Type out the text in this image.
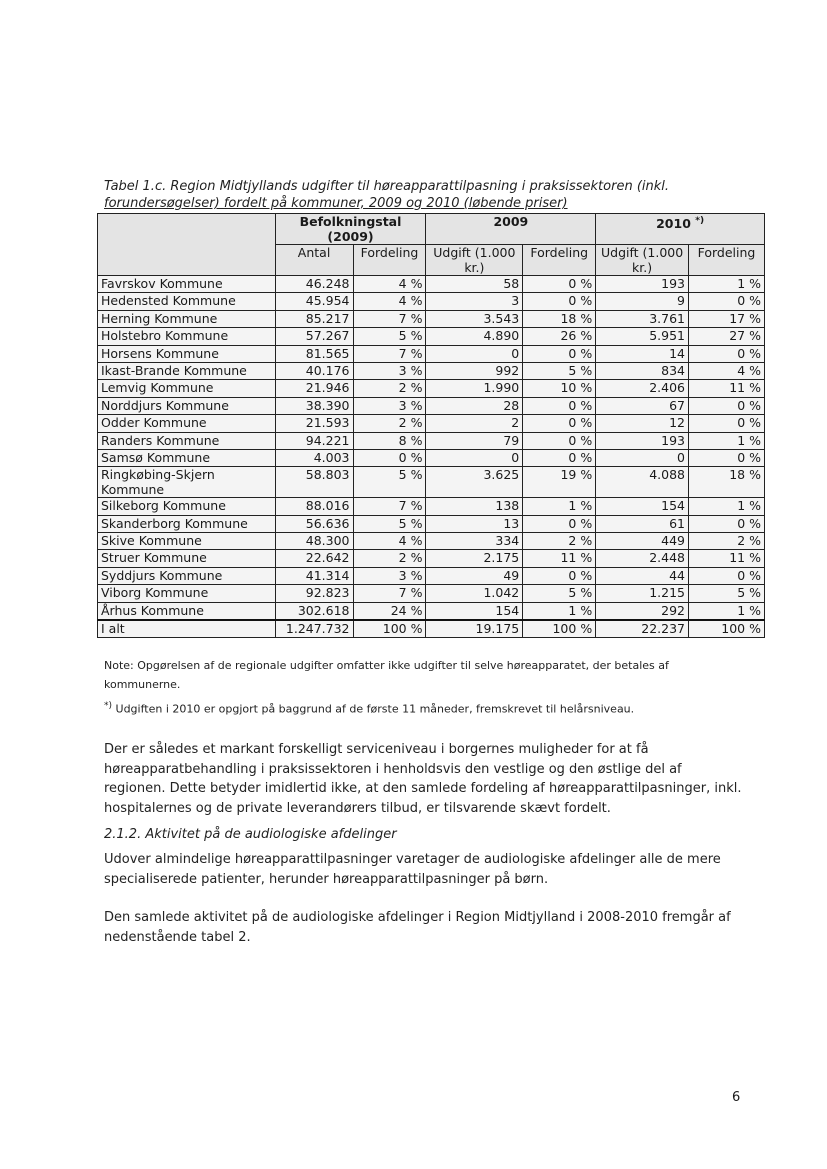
Tabel 1.c. Region Midtjyllands udgifter til høreapparattilpasning i praksissektoren (inkl.
forundersøgelser) fordelt på kommuner, 2009 og 2010 (løbende priser)
	Befolkningstal (2009)		2009		2010 *)
	Antal	Fordeling	Udgift (1.000 kr.)	Fordeling	Udgift (1.000 kr.)	Fordeling
Favrskov Kommune	46.248	4 %	58	0 %	193	1 %
Hedensted Kommune	45.954	4 %	3	0 %	9	0 %
Herning Kommune	85.217	7 %	3.543	18 %	3.761	17 %
Holstebro Kommune	57.267	5 %	4.890	26 %	5.951	27 %
Horsens Kommune	81.565	7 %	0	0 %	14	0 %
Ikast-Brande Kommune	40.176	3 %	992	5 %	834	4 %
Lemvig Kommune	21.946	2 %	1.990	10 %	2.406	11 %
Norddjurs Kommune	38.390	3 %	28	0 %	67	0 %
Odder Kommune	21.593	2 %	2	0 %	12	0 %
Randers Kommune	94.221	8 %	79	0 %	193	1 %
Samsø Kommune	4.003	0 %	0	0 %	0	0 %
Ringkøbing-Skjern Kommune	58.803	5 %	3.625	19 %	4.088	18 %
Silkeborg Kommune	88.016	7 %	138	1 %	154	1 %
Skanderborg Kommune	56.636	5 %	13	0 %	61	0 %
Skive Kommune	48.300	4 %	334	2 %	449	2 %
Struer Kommune	22.642	2 %	2.175	11 %	2.448	11 %
Syddjurs Kommune	41.314	3 %	49	0 %	44	0 %
Viborg Kommune	92.823	7 %	1.042	5 %	1.215	5 %
Århus Kommune	302.618	24 %	154	1 %	292	1 %
I alt	1.247.732	100 %	19.175	100 %	22.237	100 %
Note: Opgørelsen af de regionale udgifter omfatter ikke udgifter til selve høreapparatet, der betales af kommunerne.
*) Udgiften i 2010 er opgjort på baggrund af de første 11 måneder, fremskrevet til helårsniveau.
Der er således et markant forskelligt serviceniveau i borgernes muligheder for at få høreapparatbehandling i praksissektoren i henholdsvis den vestlige og den østlige del af regionen. Dette betyder imidlertid ikke, at den samlede fordeling af høreapparattilpasninger, inkl. hospitalernes og de private leverandørers tilbud, er tilsvarende skævt fordelt.
2.1.2. Aktivitet på de audiologiske afdelinger
Udover almindelige høreapparattilpasninger varetager de audiologiske afdelinger alle de mere specialiserede patienter, herunder høreapparattilpasninger på børn.
Den samlede aktivitet på de audiologiske afdelinger i Region Midtjylland i 2008-2010 fremgår af nedenstående tabel 2.
6
